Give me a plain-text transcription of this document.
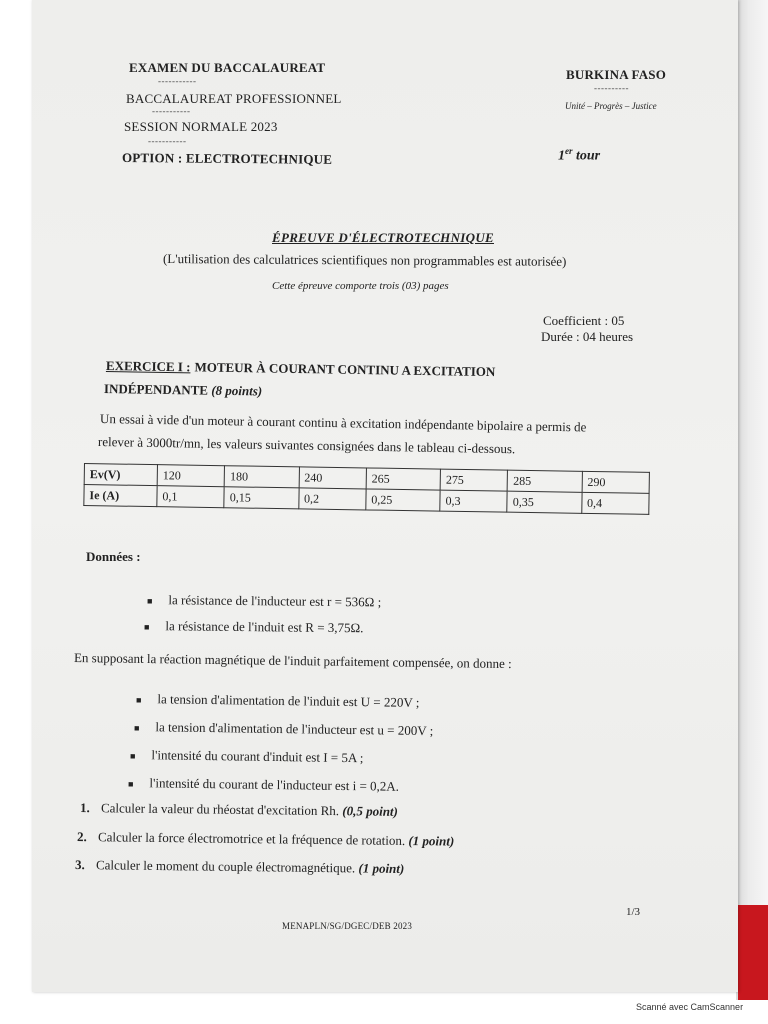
EXAMEN DU BACCALAUREAT
-----------
BACCALAUREAT PROFESSIONNEL
-----------
SESSION NORMALE 2023
-----------
OPTION : ELECTROTECHNIQUE
BURKINA FASO
----------
Unité – Progrès – Justice
1er tour
ÉPREUVE D'ÉLECTROTECHNIQUE
(L'utilisation des calculatrices scientifiques non programmables est autorisée)
Cette épreuve comporte trois (03) pages
Coefficient : 05
Durée : 04 heures
EXERCICE I : MOTEUR À COURANT CONTINU A EXCITATION
INDÉPENDANTE (8 points)
Un essai à vide d'un moteur à courant continu à excitation indépendante bipolaire a permis de
relever à 3000tr/mn, les valeurs suivantes consignées dans le tableau ci-dessous.
Ev(V)	120	180	240	265	275	285	290
Ie (A)	0,1	0,15	0,2	0,25	0,3	0,35	0,4
Données :
■ la résistance de l'inducteur est r = 536Ω ;
■ la résistance de l'induit est R = 3,75Ω.
En supposant la réaction magnétique de l'induit parfaitement compensée, on donne :
■ la tension d'alimentation de l'induit est U = 220V ;
■ la tension d'alimentation de l'inducteur est u = 200V ;
■ l'intensité du courant d'induit est I = 5A ;
■ l'intensité du courant de l'inducteur est i = 0,2A.
1. Calculer la valeur du rhéostat d'excitation Rh. (0,5 point)
2. Calculer la force électromotrice et la fréquence de rotation. (1 point)
3. Calculer le moment du couple électromagnétique. (1 point)
1/3
MENAPLN/SG/DGEC/DEB 2023
Scanné avec CamScanner
